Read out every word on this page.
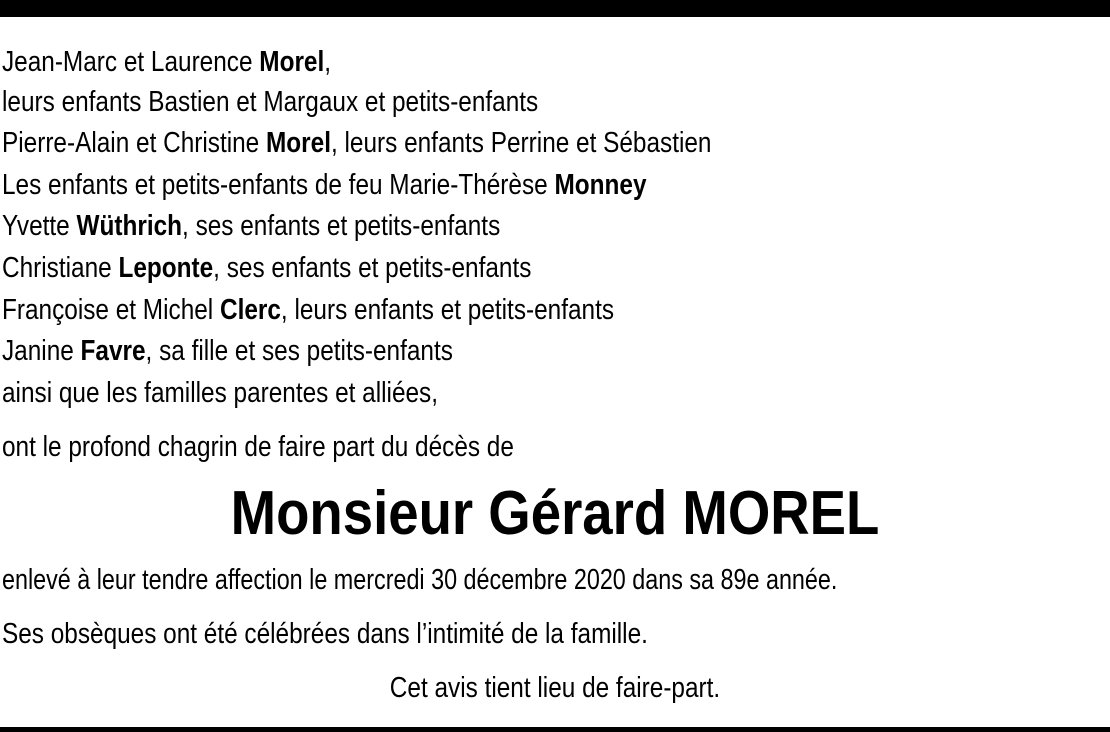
Jean-Marc et Laurence Morel,
leurs enfants Bastien et Margaux et petits-enfants
Pierre-Alain et Christine Morel, leurs enfants Perrine et Sébastien
Les enfants et petits-enfants de feu Marie-Thérèse Monney
Yvette Wüthrich, ses enfants et petits-enfants
Christiane Leponte, ses enfants et petits-enfants
Françoise et Michel Clerc, leurs enfants et petits-enfants
Janine Favre, sa fille et ses petits-enfants
ainsi que les familles parentes et alliées,
ont le profond chagrin de faire part du décès de
Monsieur Gérard MOREL
enlevé à leur tendre affection le mercredi 30 décembre 2020 dans sa 89e année.
Ses obsèques ont été célébrées dans l’intimité de la famille.
Cet avis tient lieu de faire-part.
